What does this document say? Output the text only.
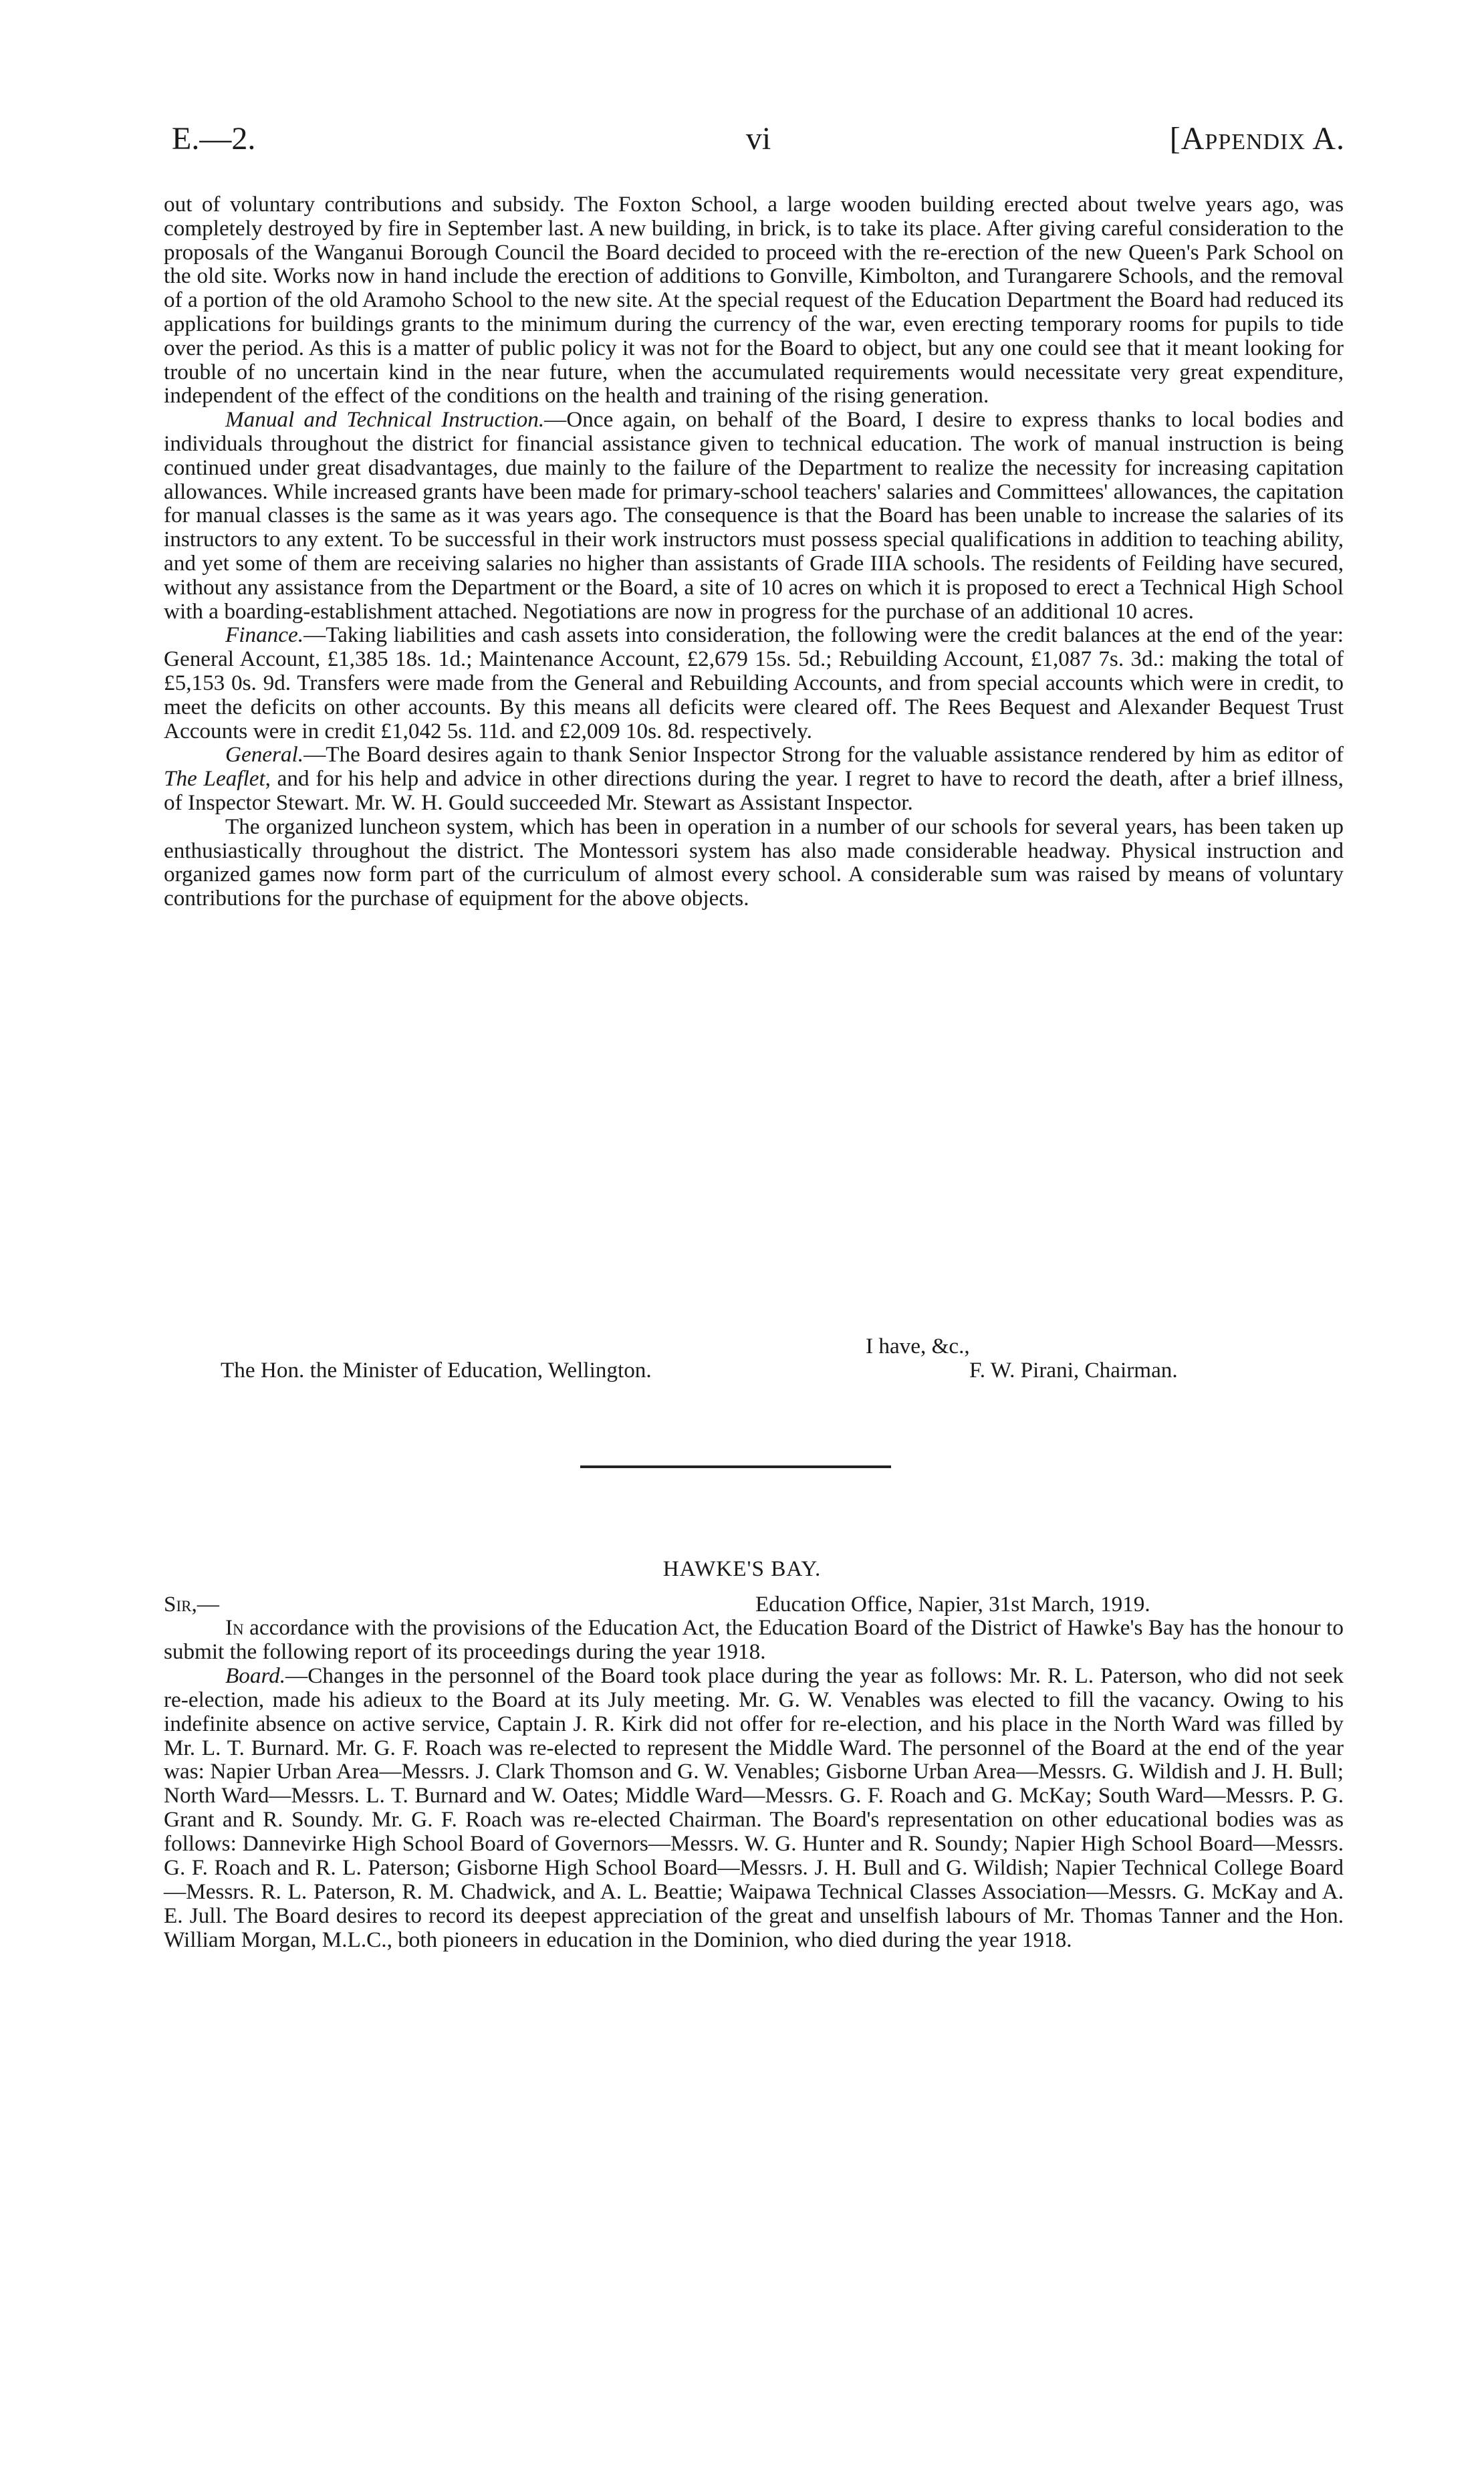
E.—2.	vi	[Appendix A.

out of voluntary contributions and subsidy. The Foxton School, a large wooden building erected about twelve years ago, was completely destroyed by fire in September last. A new building, in brick, is to take its place. After giving careful consideration to the proposals of the Wanganui Borough Council the Board decided to proceed with the re-erection of the new Queen's Park School on the old site. Works now in hand include the erection of additions to Gonville, Kimbolton, and Turangarere Schools, and the removal of a portion of the old Aramoho School to the new site. At the special request of the Education Department the Board had reduced its applications for buildings grants to the minimum during the currency of the war, even erecting temporary rooms for pupils to tide over the period. As this is a matter of public policy it was not for the Board to object, but any one could see that it meant looking for trouble of no uncertain kind in the near future, when the accumulated requirements would necessitate very great expenditure, independent of the effect of the conditions on the health and training of the rising generation.

Manual and Technical Instruction.—Once again, on behalf of the Board, I desire to express thanks to local bodies and individuals throughout the district for financial assistance given to technical education. The work of manual instruction is being continued under great disadvantages, due mainly to the failure of the Department to realize the necessity for increasing capitation allowances. While increased grants have been made for primary-school teachers' salaries and Committees' allowances, the capitation for manual classes is the same as it was years ago. The consequence is that the Board has been unable to increase the salaries of its instructors to any extent. To be successful in their work instructors must possess special qualifications in addition to teaching ability, and yet some of them are receiving salaries no higher than assistants of Grade IIIA schools. The residents of Feilding have secured, without any assistance from the Department or the Board, a site of 10 acres on which it is proposed to erect a Technical High School with a boarding-establishment attached. Negotiations are now in progress for the purchase of an additional 10 acres.

Finance.—Taking liabilities and cash assets into consideration, the following were the credit balances at the end of the year: General Account, £1,385 18s. 1d.; Maintenance Account, £2,679 15s. 5d.; Rebuilding Account, £1,087 7s. 3d.: making the total of £5,153 0s. 9d. Transfers were made from the General and Rebuilding Accounts, and from special accounts which were in credit, to meet the deficits on other accounts. By this means all deficits were cleared off. The Rees Bequest and Alexander Bequest Trust Accounts were in credit £1,042 5s. 11d. and £2,009 10s. 8d. respectively.

General.—The Board desires again to thank Senior Inspector Strong for the valuable assistance rendered by him as editor of The Leaflet, and for his help and advice in other directions during the year. I regret to have to record the death, after a brief illness, of Inspector Stewart. Mr. W. H. Gould succeeded Mr. Stewart as Assistant Inspector.

The organized luncheon system, which has been in operation in a number of our schools for several years, has been taken up enthusiastically throughout the district. The Montessori system has also made considerable headway. Physical instruction and organized games now form part of the curriculum of almost every school. A considerable sum was raised by means of voluntary contributions for the purchase of equipment for the above objects.

I have, &c.,
The Hon. the Minister of Education, Wellington.	F. W. Pirani, Chairman.
HAWKE'S BAY.
Sir,—	Education Office, Napier, 31st March, 1919.

In accordance with the provisions of the Education Act, the Education Board of the District of Hawke's Bay has the honour to submit the following report of its proceedings during the year 1918.

Board.—Changes in the personnel of the Board took place during the year as follows: Mr. R. L. Paterson, who did not seek re-election, made his adieux to the Board at its July meeting. Mr. G. W. Venables was elected to fill the vacancy. Owing to his indefinite absence on active service, Captain J. R. Kirk did not offer for re-election, and his place in the North Ward was filled by Mr. L. T. Burnard. Mr. G. F. Roach was re-elected to represent the Middle Ward. The personnel of the Board at the end of the year was: Napier Urban Area—Messrs. J. Clark Thomson and G. W. Venables; Gisborne Urban Area—Messrs. G. Wildish and J. H. Bull; North Ward—Messrs. L. T. Burnard and W. Oates; Middle Ward—Messrs. G. F. Roach and G. McKay; South Ward—Messrs. P. G. Grant and R. Soundy. Mr. G. F. Roach was re-elected Chairman. The Board's representation on other educational bodies was as follows: Dannevirke High School Board of Governors—Messrs. W. G. Hunter and R. Soundy; Napier High School Board—Messrs. G. F. Roach and R. L. Paterson; Gisborne High School Board—Messrs. J. H. Bull and G. Wildish; Napier Technical College Board—Messrs. R. L. Paterson, R. M. Chadwick, and A. L. Beattie; Waipawa Technical Classes Association—Messrs. G. McKay and A. E. Jull. The Board desires to record its deepest appreciation of the great and unselfish labours of Mr. Thomas Tanner and the Hon. William Morgan, M.L.C., both pioneers in education in the Dominion, who died during the year 1918.
